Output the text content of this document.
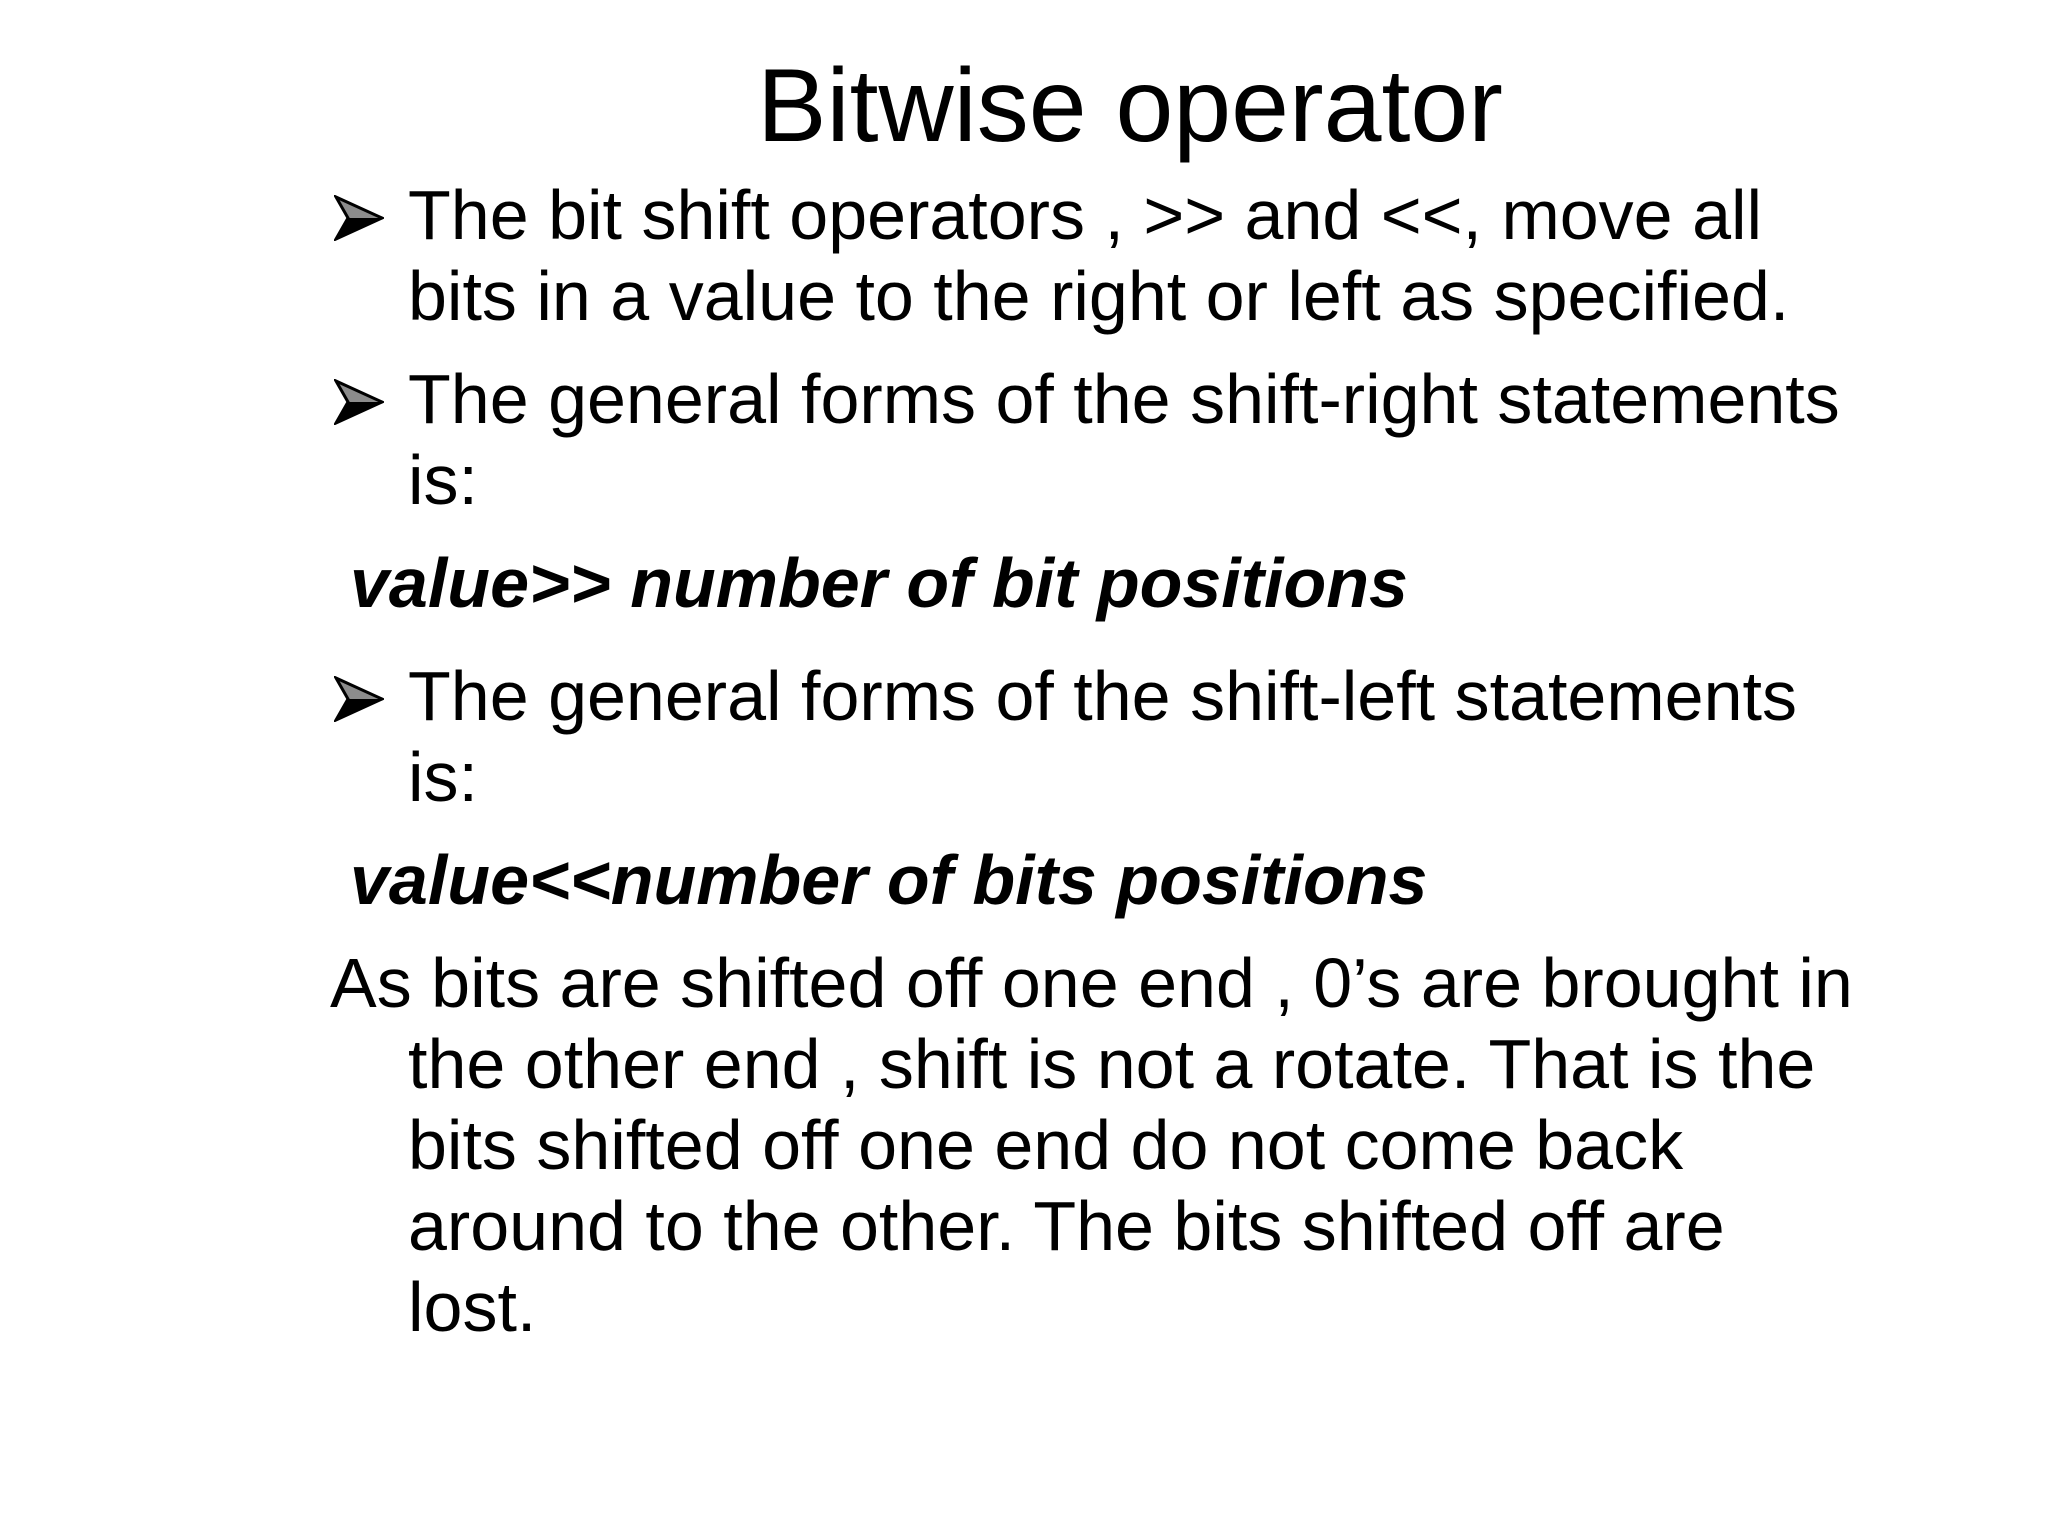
Bitwise operator
The bit shift operators , >> and <<, move all
bits in a value to the right or left as specified.
The general forms of the shift-right statements
is:
value>> number of bit positions
The general forms of the shift-left statements
is:
value<<number of bits positions
As bits are shifted off one end , 0’s are brought in
the other end , shift is not a rotate. That is the
bits shifted off one end do not come back
around to the other. The bits shifted off are
lost.
